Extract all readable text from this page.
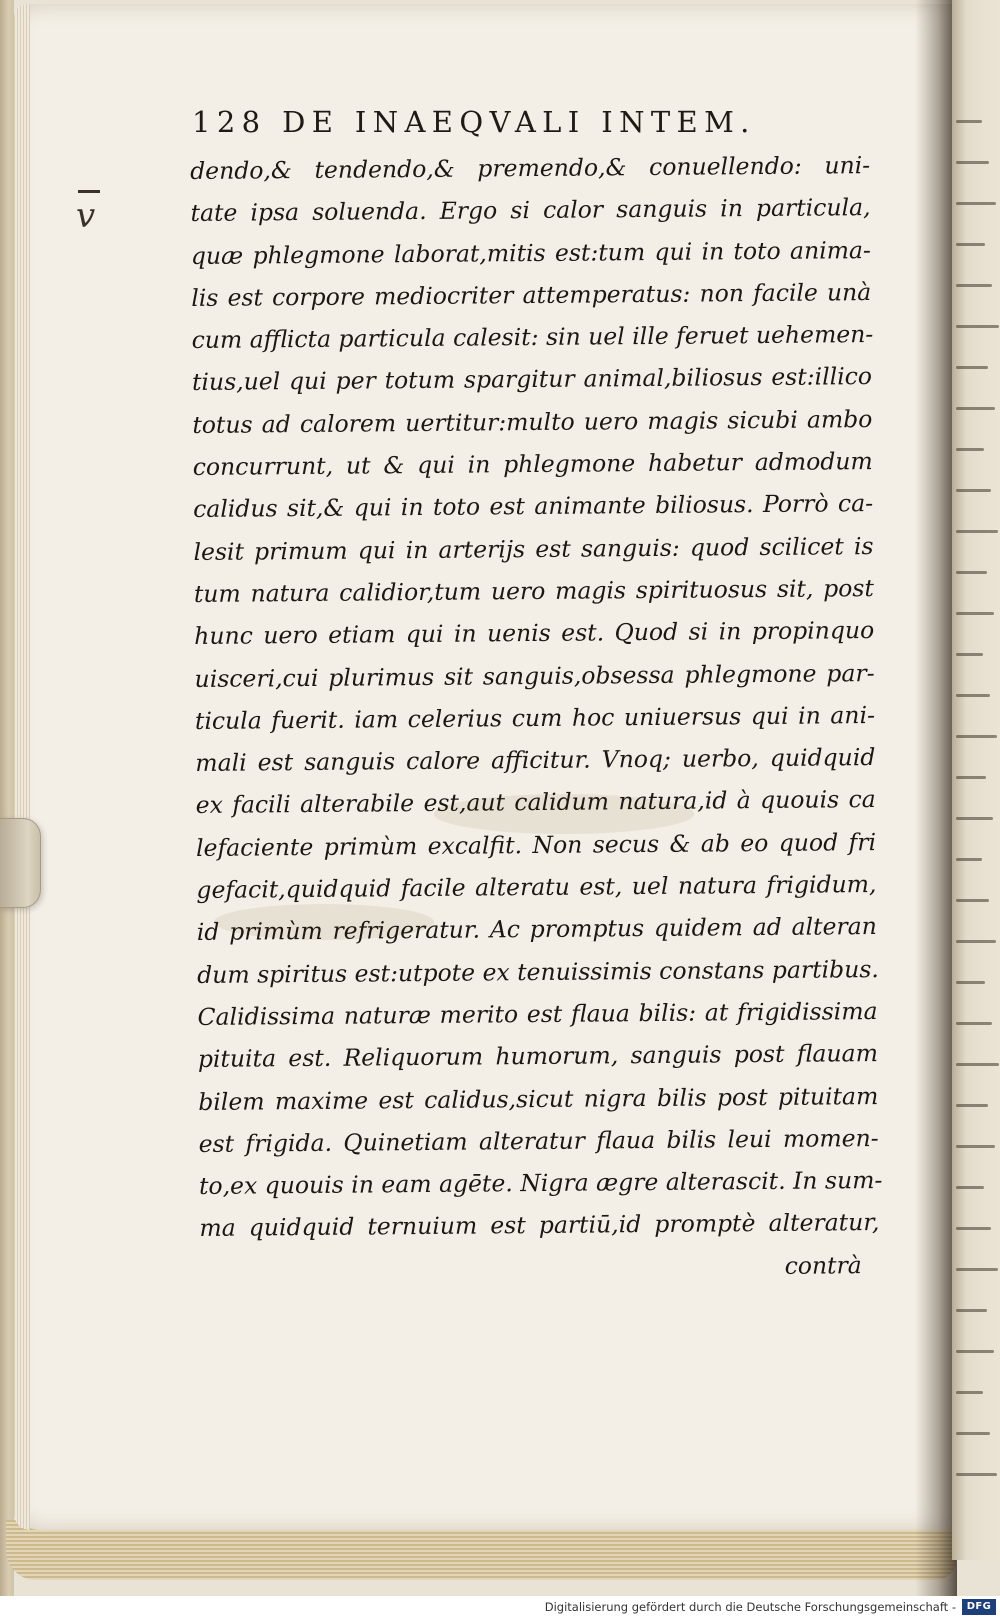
v
128 DE INAEQVALI INTEM.
dendo,& tendendo,& premendo,& conuellendo: uni-
tate ipsa soluenda. Ergo si calor sanguis in particula,
quæ phlegmone laborat,mitis est:tum qui in toto anima-
lis est corpore mediocriter attemperatus: non facile unà
cum afflicta particula calesit: sin uel ille feruet uehemen-
tius,uel qui per totum spargitur animal,biliosus est:illico
totus ad calorem uertitur:multo uero magis sicubi ambo
concurrunt, ut & qui in phlegmone habetur admodum
calidus sit,& qui in toto est animante biliosus. Porrò ca-
lesit primum qui in arterijs est sanguis: quod scilicet is
tum natura calidior,tum uero magis spirituosus sit, post
hunc uero etiam qui in uenis est. Quod si in propinquo
uisceri,cui plurimus sit sanguis,obsessa phlegmone par-
ticula fuerit. iam celerius cum hoc uniuersus qui in ani-
mali est sanguis calore afficitur. Vnoq; uerbo, quidquid
ex facili alterabile est,aut calidum natura,id à quouis ca
lefaciente primùm excalfit. Non secus & ab eo quod fri
gefacit,quidquid facile alteratu est, uel natura frigidum,
id primùm refrigeratur. Ac promptus quidem ad alteran
dum spiritus est:utpote ex tenuissimis constans partibus.
Calidissima naturæ merito est flaua bilis: at frigidissima
pituita est. Reliquorum humorum, sanguis post flauam
bilem maxime est calidus,sicut nigra bilis post pituitam
est frigida. Quinetiam alteratur flaua bilis leui momen-
to,ex quouis in eam agēte. Nigra ægre alterascit. In sum-
ma quidquid ternuium est partiū,id promptè alteratur,
contrà
Digitalisierung gefördert durch die Deutsche Forschungsgemeinschaft -	DFG
